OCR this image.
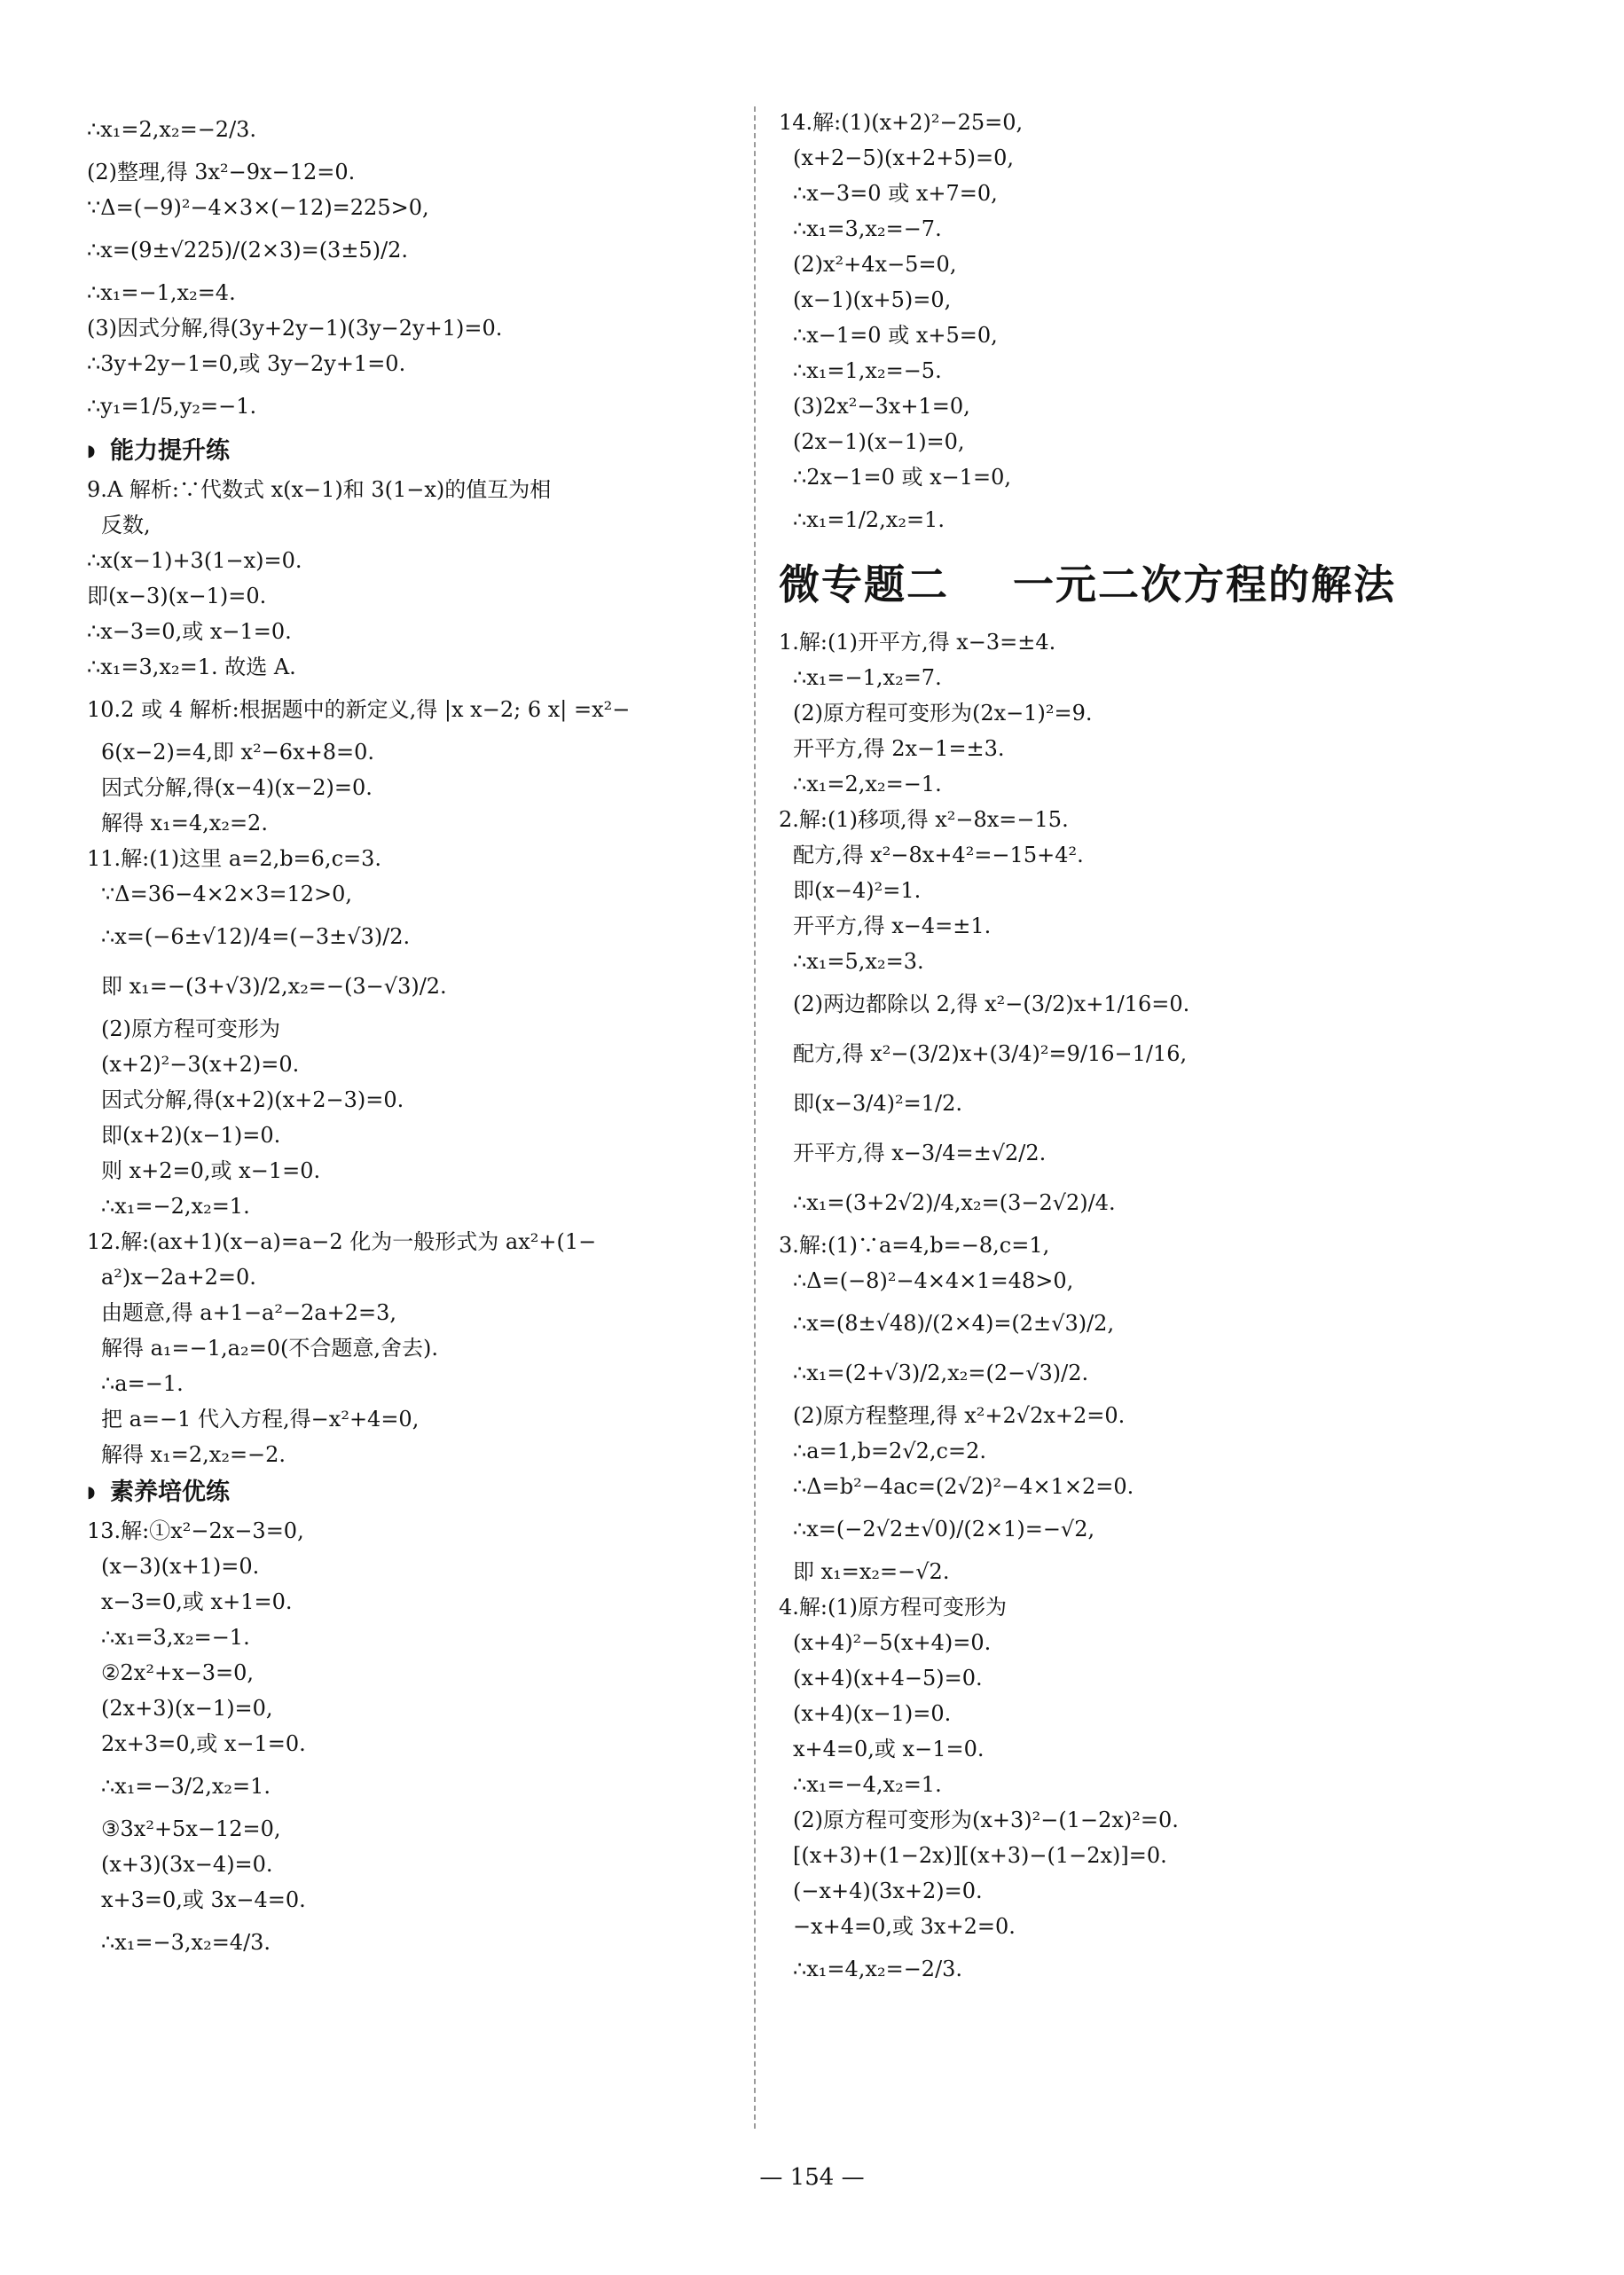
∴x₁=2,x₂=−2/3.
(2)整理,得 3x²−9x−12=0.
∵Δ=(−9)²−4×3×(−12)=225>0,
∴x=(9±√225)/(2×3)=(3±5)/2.
∴x₁=−1,x₂=4.
(3)因式分解,得(3y+2y−1)(3y−2y+1)=0.
∴3y+2y−1=0,或 3y−2y+1=0.
∴y₁=1/5,y₂=−1.
◗ 能力提升练
9.A 解析:∵代数式 x(x−1)和 3(1−x)的值互为相
反数,
∴x(x−1)+3(1−x)=0.
即(x−3)(x−1)=0.
∴x−3=0,或 x−1=0.
∴x₁=3,x₂=1. 故选 A.
10.2 或 4 解析:根据题中的新定义,得 |x x−2; 6 x| =x²−
6(x−2)=4,即 x²−6x+8=0.
因式分解,得(x−4)(x−2)=0.
解得 x₁=4,x₂=2.
11.解:(1)这里 a=2,b=6,c=3.
∵Δ=36−4×2×3=12>0,
∴x=(−6±√12)/4=(−3±√3)/2.
即 x₁=−(3+√3)/2,x₂=−(3−√3)/2.
(2)原方程可变形为
(x+2)²−3(x+2)=0.
因式分解,得(x+2)(x+2−3)=0.
即(x+2)(x−1)=0.
则 x+2=0,或 x−1=0.
∴x₁=−2,x₂=1.
12.解:(ax+1)(x−a)=a−2 化为一般形式为 ax²+(1−
a²)x−2a+2=0.
由题意,得 a+1−a²−2a+2=3,
解得 a₁=−1,a₂=0(不合题意,舍去).
∴a=−1.
把 a=−1 代入方程,得−x²+4=0,
解得 x₁=2,x₂=−2.
◗ 素养培优练
13.解:①x²−2x−3=0,
(x−3)(x+1)=0.
x−3=0,或 x+1=0.
∴x₁=3,x₂=−1.
②2x²+x−3=0,
(2x+3)(x−1)=0,
2x+3=0,或 x−1=0.
∴x₁=−3/2,x₂=1.
③3x²+5x−12=0,
(x+3)(3x−4)=0.
x+3=0,或 3x−4=0.
∴x₁=−3,x₂=4/3.
14.解:(1)(x+2)²−25=0,
(x+2−5)(x+2+5)=0,
∴x−3=0 或 x+7=0,
∴x₁=3,x₂=−7.
(2)x²+4x−5=0,
(x−1)(x+5)=0,
∴x−1=0 或 x+5=0,
∴x₁=1,x₂=−5.
(3)2x²−3x+1=0,
(2x−1)(x−1)=0,
∴2x−1=0 或 x−1=0,
∴x₁=1/2,x₂=1.
微专题二    一元二次方程的解法
1.解:(1)开平方,得 x−3=±4.
∴x₁=−1,x₂=7.
(2)原方程可变形为(2x−1)²=9.
开平方,得 2x−1=±3.
∴x₁=2,x₂=−1.
2.解:(1)移项,得 x²−8x=−15.
配方,得 x²−8x+4²=−15+4².
即(x−4)²=1.
开平方,得 x−4=±1.
∴x₁=5,x₂=3.
(2)两边都除以 2,得 x²−(3/2)x+1/16=0.
配方,得 x²−(3/2)x+(3/4)²=9/16−1/16,
即(x−3/4)²=1/2.
开平方,得 x−3/4=±√2/2.
∴x₁=(3+2√2)/4,x₂=(3−2√2)/4.
3.解:(1)∵a=4,b=−8,c=1,
∴Δ=(−8)²−4×4×1=48>0,
∴x=(8±√48)/(2×4)=(2±√3)/2,
∴x₁=(2+√3)/2,x₂=(2−√3)/2.
(2)原方程整理,得 x²+2√2x+2=0.
∴a=1,b=2√2,c=2.
∴Δ=b²−4ac=(2√2)²−4×1×2=0.
∴x=(−2√2±√0)/(2×1)=−√2,
即 x₁=x₂=−√2.
4.解:(1)原方程可变形为
(x+4)²−5(x+4)=0.
(x+4)(x+4−5)=0.
(x+4)(x−1)=0.
x+4=0,或 x−1=0.
∴x₁=−4,x₂=1.
(2)原方程可变形为(x+3)²−(1−2x)²=0.
[(x+3)+(1−2x)][(x+3)−(1−2x)]=0.
(−x+4)(3x+2)=0.
−x+4=0,或 3x+2=0.
∴x₁=4,x₂=−2/3.
— 154 —
